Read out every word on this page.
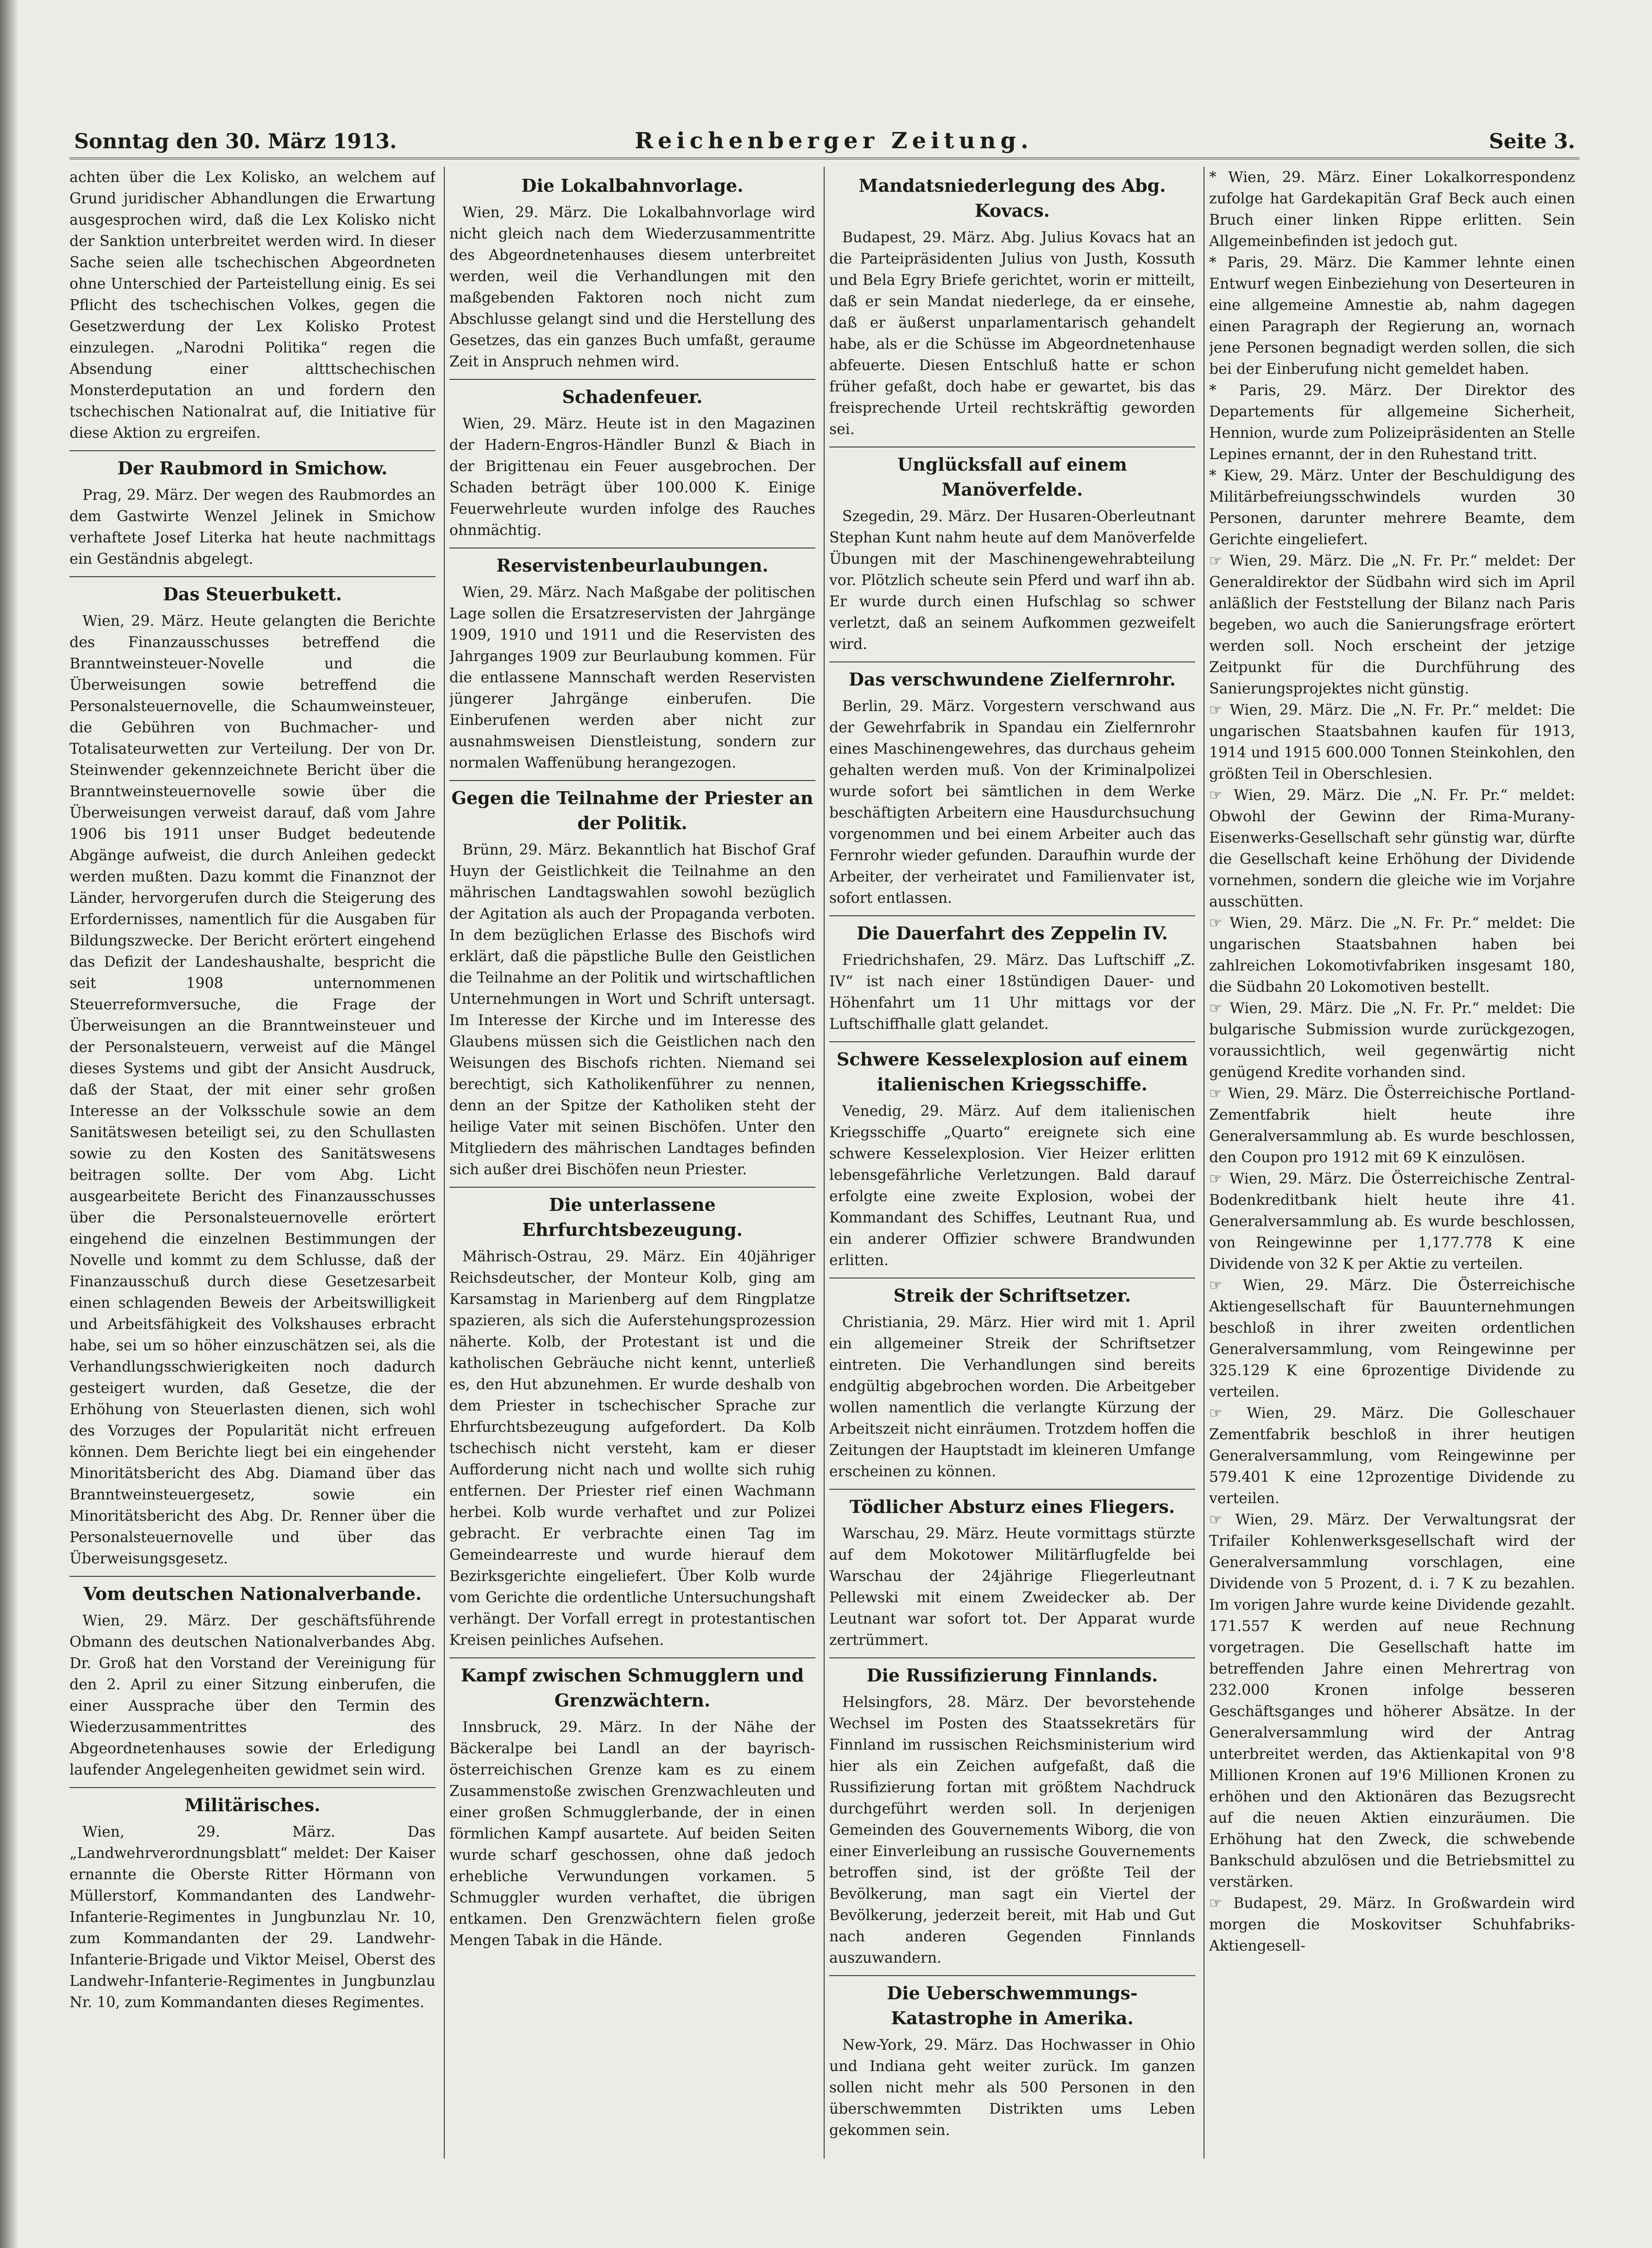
Sonntag den 30. März 1913.	Reichenberger Zeitung.	Seite 3.

achten über die Lex Kolisko, an welchem auf Grund juridischer Abhandlungen die Erwartung ausgesprochen wird, daß die Lex Kolisko nicht der Sanktion unterbreitet werden wird. In dieser Sache seien alle tschechischen Abgeordneten ohne Unterschied der Parteistellung einig. Es sei Pflicht des tschechischen Volkes, gegen die Gesetzwerdung der Lex Kolisko Protest einzulegen. „Narodni Politika“ regen die Absendung einer altttschechischen Monsterdeputation an und fordern den tschechischen Nationalrat auf, die Initiative für diese Aktion zu ergreifen.

Der Raubmord in Smichow.

Prag, 29. März. Der wegen des Raubmordes an dem Gastwirte Wenzel Jelinek in Smichow verhaftete Josef Literka hat heute nachmittags ein Geständnis abgelegt.

Das Steuerbukett.

Wien, 29. März. Heute gelangten die Berichte des Finanzausschusses betreffend die Branntweinsteuer-Novelle und die Überweisungen sowie betreffend die Personalsteuernovelle, die Schaumweinsteuer, die Gebühren von Buchmacher- und Totalisateurwetten zur Verteilung. Der von Dr. Steinwender gekennzeichnete Bericht über die Branntweinsteuernovelle sowie über die Überweisungen verweist darauf, daß vom Jahre 1906 bis 1911 unser Budget bedeutende Abgänge aufweist, die durch Anleihen gedeckt werden mußten. Dazu kommt die Finanznot der Länder, hervorgerufen durch die Steigerung des Erfordernisses, namentlich für die Ausgaben für Bildungszwecke. Der Bericht erörtert eingehend das Defizit der Landeshaushalte, bespricht die seit 1908 unternommenen Steuerreformversuche, die Frage der Überweisungen an die Branntweinsteuer und der Personalsteuern, verweist auf die Mängel dieses Systems und gibt der Ansicht Ausdruck, daß der Staat, der mit einer sehr großen Interesse an der Volksschule sowie an dem Sanitätswesen beteiligt sei, zu den Schullasten sowie zu den Kosten des Sanitätswesens beitragen sollte. Der vom Abg. Licht ausgearbeitete Bericht des Finanzausschusses über die Personalsteuernovelle erörtert eingehend die einzelnen Bestimmungen der Novelle und kommt zu dem Schlusse, daß der Finanzausschuß durch diese Gesetzesarbeit einen schlagenden Beweis der Arbeitswilligkeit und Arbeitsfähigkeit des Volkshauses erbracht habe, sei um so höher einzuschätzen sei, als die Verhandlungsschwierigkeiten noch dadurch gesteigert wurden, daß Gesetze, die der Erhöhung von Steuerlasten dienen, sich wohl des Vorzuges der Popularität nicht erfreuen können. Dem Berichte liegt bei ein eingehender Minoritätsbericht des Abg. Diamand über das Branntweinsteuergesetz, sowie ein Minoritätsbericht des Abg. Dr. Renner über die Personalsteuernovelle und über das Überweisungsgesetz.

Vom deutschen Nationalverbande.

Wien, 29. März. Der geschäftsführende Obmann des deutschen Nationalverbandes Abg. Dr. Groß hat den Vorstand der Vereinigung für den 2. April zu einer Sitzung einberufen, die einer Aussprache über den Termin des Wiederzusammentrittes des Abgeordnetenhauses sowie der Erledigung laufender Angelegenheiten gewidmet sein wird.

Militärisches.

Wien, 29. März. Das „Landwehrverordnungsblatt“ meldet: Der Kaiser ernannte die Oberste Ritter Hörmann von Müllerstorf, Kommandanten des Landwehr-Infanterie-Regimentes in Jungbunzlau Nr. 10, zum Kommandanten der 29. Landwehr-Infanterie-Brigade und Viktor Meisel, Oberst des Landwehr-Infanterie-Regimentes in Jungbunzlau Nr. 10, zum Kommandanten dieses Regimentes.

Die Lokalbahnvorlage.

Wien, 29. März. Die Lokalbahnvorlage wird nicht gleich nach dem Wiederzusammentritte des Abgeordnetenhauses diesem unterbreitet werden, weil die Verhandlungen mit den maßgebenden Faktoren noch nicht zum Abschlusse gelangt sind und die Herstellung des Gesetzes, das ein ganzes Buch umfaßt, geraume Zeit in Anspruch nehmen wird.

Schadenfeuer.

Wien, 29. März. Heute ist in den Magazinen der Hadern-Engros-Händler Bunzl & Biach in der Brigittenau ein Feuer ausgebrochen. Der Schaden beträgt über 100.000 K. Einige Feuerwehrleute wurden infolge des Rauches ohnmächtig.

Reservistenbeurlaubungen.

Wien, 29. März. Nach Maßgabe der politischen Lage sollen die Ersatzreservisten der Jahrgänge 1909, 1910 und 1911 und die Reservisten des Jahrganges 1909 zur Beurlaubung kommen. Für die entlassene Mannschaft werden Reservisten jüngerer Jahrgänge einberufen. Die Einberufenen werden aber nicht zur ausnahmsweisen Dienstleistung, sondern zur normalen Waffenübung herangezogen.

Gegen die Teilnahme der Priester an der Politik.

Brünn, 29. März. Bekanntlich hat Bischof Graf Huyn der Geistlichkeit die Teilnahme an den mährischen Landtagswahlen sowohl bezüglich der Agitation als auch der Propaganda verboten. In dem bezüglichen Erlasse des Bischofs wird erklärt, daß die päpstliche Bulle den Geistlichen die Teilnahme an der Politik und wirtschaftlichen Unternehmungen in Wort und Schrift untersagt. Im Interesse der Kirche und im Interesse des Glaubens müssen sich die Geistlichen nach den Weisungen des Bischofs richten. Niemand sei berechtigt, sich Katholikenführer zu nennen, denn an der Spitze der Katholiken steht der heilige Vater mit seinen Bischöfen. Unter den Mitgliedern des mährischen Landtages befinden sich außer drei Bischöfen neun Priester.

Die unterlassene Ehrfurchtsbezeugung.

Mährisch-Ostrau, 29. März. Ein 40jähriger Reichsdeutscher, der Monteur Kolb, ging am Karsamstag in Marienberg auf dem Ringplatze spazieren, als sich die Auferstehungsprozession näherte. Kolb, der Protestant ist und die katholischen Gebräuche nicht kennt, unterließ es, den Hut abzunehmen. Er wurde deshalb von dem Priester in tschechischer Sprache zur Ehrfurchtsbezeugung aufgefordert. Da Kolb tschechisch nicht versteht, kam er dieser Aufforderung nicht nach und wollte sich ruhig entfernen. Der Priester rief einen Wachmann herbei. Kolb wurde verhaftet und zur Polizei gebracht. Er verbrachte einen Tag im Gemeindearreste und wurde hierauf dem Bezirksgerichte eingeliefert. Über Kolb wurde vom Gerichte die ordentliche Untersuchungshaft verhängt. Der Vorfall erregt in protestantischen Kreisen peinliches Aufsehen.

Kampf zwischen Schmugglern und Grenzwächtern.

Innsbruck, 29. März. In der Nähe der Bäckeralpe bei Landl an der bayrisch-österreichischen Grenze kam es zu einem Zusammenstoße zwischen Grenzwachleuten und einer großen Schmugglerbande, der in einen förmlichen Kampf ausartete. Auf beiden Seiten wurde scharf geschossen, ohne daß jedoch erhebliche Verwundungen vorkamen. 5 Schmuggler wurden verhaftet, die übrigen entkamen. Den Grenzwächtern fielen große Mengen Tabak in die Hände.

Mandatsniederlegung des Abg. Kovacs.

Budapest, 29. März. Abg. Julius Kovacs hat an die Parteipräsidenten Julius von Justh, Kossuth und Bela Egry Briefe gerichtet, worin er mitteilt, daß er sein Mandat niederlege, da er einsehe, daß er äußerst unparlamentarisch gehandelt habe, als er die Schüsse im Abgeordnetenhause abfeuerte. Diesen Entschluß hatte er schon früher gefaßt, doch habe er gewartet, bis das freisprechende Urteil rechtskräftig geworden sei.

Unglücksfall auf einem Manöverfelde.

Szegedin, 29. März. Der Husaren-Oberleutnant Stephan Kunt nahm heute auf dem Manöverfelde Übungen mit der Maschinengewehrabteilung vor. Plötzlich scheute sein Pferd und warf ihn ab. Er wurde durch einen Hufschlag so schwer verletzt, daß an seinem Aufkommen gezweifelt wird.

Das verschwundene Zielfernrohr.

Berlin, 29. März. Vorgestern verschwand aus der Gewehrfabrik in Spandau ein Zielfernrohr eines Maschinengewehres, das durchaus geheim gehalten werden muß. Von der Kriminalpolizei wurde sofort bei sämtlichen in dem Werke beschäftigten Arbeitern eine Hausdurchsuchung vorgenommen und bei einem Arbeiter auch das Fernrohr wieder gefunden. Daraufhin wurde der Arbeiter, der verheiratet und Familienvater ist, sofort entlassen.

Die Dauerfahrt des Zeppelin IV.

Friedrichshafen, 29. März. Das Luftschiff „Z. IV“ ist nach einer 18stündigen Dauer- und Höhenfahrt um 11 Uhr mittags vor der Luftschiffhalle glatt gelandet.

Schwere Kesselexplosion auf einem italienischen Kriegsschiffe.

Venedig, 29. März. Auf dem italienischen Kriegsschiffe „Quarto“ ereignete sich eine schwere Kesselexplosion. Vier Heizer erlitten lebensgefährliche Verletzungen. Bald darauf erfolgte eine zweite Explosion, wobei der Kommandant des Schiffes, Leutnant Rua, und ein anderer Offizier schwere Brandwunden erlitten.

Streik der Schriftsetzer.

Christiania, 29. März. Hier wird mit 1. April ein allgemeiner Streik der Schriftsetzer eintreten. Die Verhandlungen sind bereits endgültig abgebrochen worden. Die Arbeitgeber wollen namentlich die verlangte Kürzung der Arbeitszeit nicht einräumen. Trotzdem hoffen die Zeitungen der Hauptstadt im kleineren Umfange erscheinen zu können.

Tödlicher Absturz eines Fliegers.

Warschau, 29. März. Heute vormittags stürzte auf dem Mokotower Militärflugfelde bei Warschau der 24jährige Fliegerleutnant Pellewski mit einem Zweidecker ab. Der Leutnant war sofort tot. Der Apparat wurde zertrümmert.

Die Russifizierung Finnlands.

Helsingfors, 28. März. Der bevorstehende Wechsel im Posten des Staatssekretärs für Finnland im russischen Reichsministerium wird hier als ein Zeichen aufgefaßt, daß die Russifizierung fortan mit größtem Nachdruck durchgeführt werden soll. In derjenigen Gemeinden des Gouvernements Wiborg, die von einer Einverleibung an russische Gouvernements betroffen sind, ist der größte Teil der Bevölkerung, man sagt ein Viertel der Bevölkerung, jederzeit bereit, mit Hab und Gut nach anderen Gegenden Finnlands auszuwandern.

Die Ueberschwemmungs-Katastrophe in Amerika.

New-York, 29. März. Das Hochwasser in Ohio und Indiana geht weiter zurück. Im ganzen sollen nicht mehr als 500 Personen in den überschwemmten Distrikten ums Leben gekommen sein.

* Wien, 29. März. Einer Lokalkorrespondenz zufolge hat Gardekapitän Graf Beck auch einen Bruch einer linken Rippe erlitten. Sein Allgemeinbefinden ist jedoch gut.

* Paris, 29. März. Die Kammer lehnte einen Entwurf wegen Einbeziehung von Deserteuren in eine allgemeine Amnestie ab, nahm dagegen einen Paragraph der Regierung an, wornach jene Personen begnadigt werden sollen, die sich bei der Einberufung nicht gemeldet haben.

* Paris, 29. März. Der Direktor des Departements für allgemeine Sicherheit, Hennion, wurde zum Polizeipräsidenten an Stelle Lepines ernannt, der in den Ruhestand tritt.

* Kiew, 29. März. Unter der Beschuldigung des Militärbefreiungsschwindels wurden 30 Personen, darunter mehrere Beamte, dem Gerichte eingeliefert.

☞ Wien, 29. März. Die „N. Fr. Pr.“ meldet: Der Generaldirektor der Südbahn wird sich im April anläßlich der Feststellung der Bilanz nach Paris begeben, wo auch die Sanierungsfrage erörtert werden soll. Noch erscheint der jetzige Zeitpunkt für die Durchführung des Sanierungsprojektes nicht günstig.

☞ Wien, 29. März. Die „N. Fr. Pr.“ meldet: Die ungarischen Staatsbahnen kaufen für 1913, 1914 und 1915 600.000 Tonnen Steinkohlen, den größten Teil in Oberschlesien.

☞ Wien, 29. März. Die „N. Fr. Pr.“ meldet: Obwohl der Gewinn der Rima-Murany-Eisenwerks-Gesellschaft sehr günstig war, dürfte die Gesellschaft keine Erhöhung der Dividende vornehmen, sondern die gleiche wie im Vorjahre ausschütten.

☞ Wien, 29. März. Die „N. Fr. Pr.“ meldet: Die ungarischen Staatsbahnen haben bei zahlreichen Lokomotivfabriken insgesamt 180, die Südbahn 20 Lokomotiven bestellt.

☞ Wien, 29. März. Die „N. Fr. Pr.“ meldet: Die bulgarische Submission wurde zurückgezogen, voraussichtlich, weil gegenwärtig nicht genügend Kredite vorhanden sind.

☞ Wien, 29. März. Die Österreichische Portland-Zementfabrik hielt heute ihre Generalversammlung ab. Es wurde beschlossen, den Coupon pro 1912 mit 69 K einzulösen.

☞ Wien, 29. März. Die Österreichische Zentral-Bodenkreditbank hielt heute ihre 41. Generalversammlung ab. Es wurde beschlossen, von Reingewinne per 1,177.778 K eine Dividende von 32 K per Aktie zu verteilen.

☞ Wien, 29. März. Die Österreichische Aktiengesellschaft für Bauunternehmungen beschloß in ihrer zweiten ordentlichen Generalversammlung, vom Reingewinne per 325.129 K eine 6prozentige Dividende zu verteilen.

☞ Wien, 29. März. Die Golleschauer Zementfabrik beschloß in ihrer heutigen Generalversammlung, vom Reingewinne per 579.401 K eine 12prozentige Dividende zu verteilen.

☞ Wien, 29. März. Der Verwaltungsrat der Trifailer Kohlenwerksgesellschaft wird der Generalversammlung vorschlagen, eine Dividende von 5 Prozent, d. i. 7 K zu bezahlen. Im vorigen Jahre wurde keine Dividende gezahlt. 171.557 K werden auf neue Rechnung vorgetragen. Die Gesellschaft hatte im betreffenden Jahre einen Mehrertrag von 232.000 Kronen infolge besseren Geschäftsganges und höherer Absätze. In der Generalversammlung wird der Antrag unterbreitet werden, das Aktienkapital von 9'8 Millionen Kronen auf 19'6 Millionen Kronen zu erhöhen und den Aktionären das Bezugsrecht auf die neuen Aktien einzuräumen. Die Erhöhung hat den Zweck, die schwebende Bankschuld abzulösen und die Betriebsmittel zu verstärken.

☞ Budapest, 29. März. In Großwardein wird morgen die Moskovitser Schuhfabriks-Aktiengesell-
